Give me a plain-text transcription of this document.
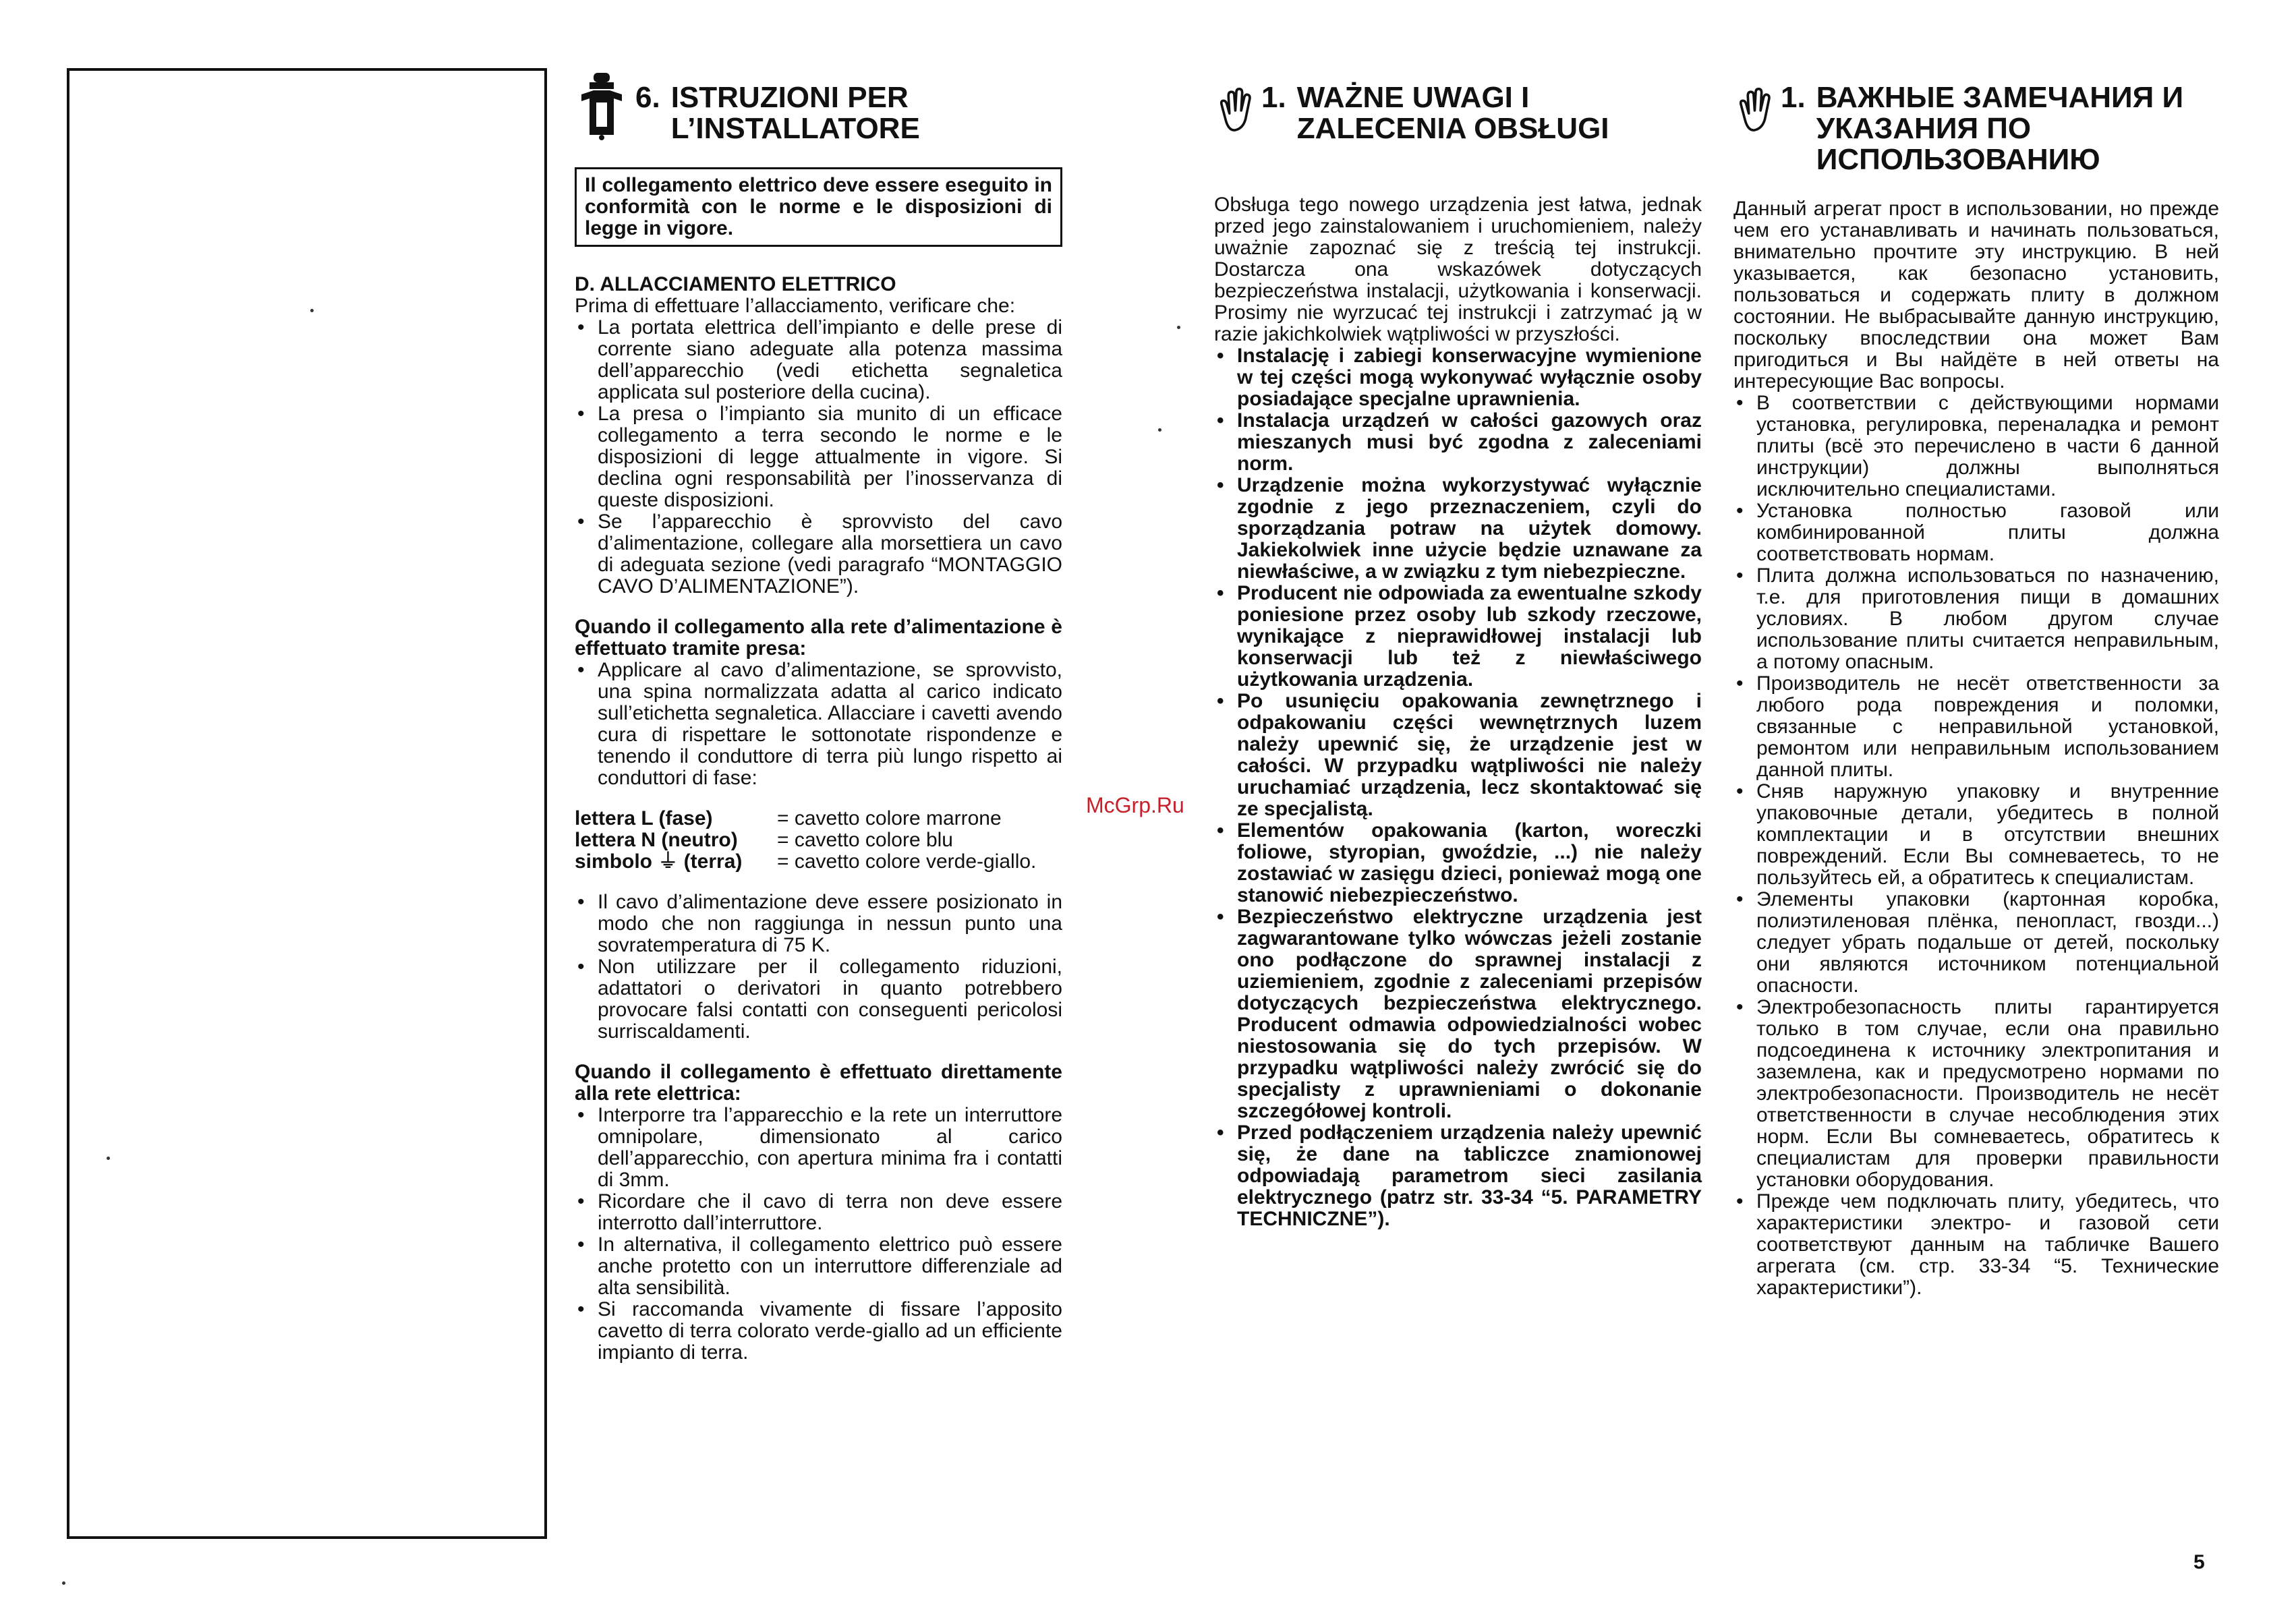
6. ISTRUZIONI PER
L’INSTALLATORE
Il collegamento elettrico deve essere eseguito in conformità con le norme e le disposizioni di legge in vigore.
D. ALLACCIAMENTO ELETTRICO

Prima di effettuare l’allacciamento, verificare che:

• La portata elettrica dell’impianto e delle prese di corrente siano adeguate alla potenza massima dell’apparecchio (vedi etichetta segnaletica applicata sul posteriore della cucina).
• La presa o l’impianto sia munito di un efficace collegamento a terra secondo le norme e le disposizioni di legge attualmente in vigore. Si declina ogni responsabilità per l’inosservanza di queste disposizioni.
• Se l’apparecchio è sprovvisto del cavo d’alimentazione, collegare alla morsettiera un cavo di adeguata sezione (vedi paragrafo “MONTAGGIO CAVO D’ALIMENTAZIONE”).

Quando il collegamento alla rete d’alimentazione è effettuato tramite presa:

• Applicare al cavo d’alimentazione, se sprovvisto, una spina normalizzata adatta al carico indicato sull’etichetta segnaletica. Allacciare i cavetti avendo cura di rispettare le sottonotate rispondenze e tenendo il conduttore di terra più lungo rispetto ai conduttori di fase:
lettera L (fase)	= cavetto colore marrone
lettera N (neutro)	= cavetto colore blu
simbolo ⏚ (terra)	= cavetto colore verde-giallo.
• Il cavo d’alimentazione deve essere posizionato in modo che non raggiunga in nessun punto una sovratemperatura di 75 K.
• Non utilizzare per il collegamento riduzioni, adattatori o derivatori in quanto potrebbero provocare falsi contatti con conseguenti pericolosi surriscaldamenti.

Quando il collegamento è effettuato direttamente alla rete elettrica:

• Interporre tra l’apparecchio e la rete un interruttore omnipolare, dimensionato al carico dell’apparecchio, con apertura minima fra i contatti di 3mm.
• Ricordare che il cavo di terra non deve essere interrotto dall’interruttore.
• In alternativa, il collegamento elettrico può essere anche protetto con un interruttore differenziale ad alta sensibilità.
• Si raccomanda vivamente di fissare l’apposito cavetto di terra colorato verde-giallo ad un efficiente impianto di terra.
1. WAŻNE UWAGI I
ZALECENIA OBSŁUGI

Obsługa tego nowego urządzenia jest łatwa, jednak przed jego zainstalowaniem i uruchomieniem, należy uważnie zapoznać się z treścią tej instrukcji. Dostarcza ona wskazówek dotyczących bezpieczeństwa instalacji, użytkowania i konserwacji. Prosimy nie wyrzucać tej instrukcji i zatrzymać ją w razie jakichkolwiek wątpliwości w przyszłości.

• Instalację i zabiegi konserwacyjne wymienione w tej części mogą wykonywać wyłącznie osoby posiadające specjalne uprawnienia.
• Instalacja urządzeń w całości gazowych oraz mieszanych musi być zgodna z zaleceniami norm.
• Urządzenie można wykorzystywać wyłącznie zgodnie z jego przeznaczeniem, czyli do sporządzania potraw na użytek domowy. Jakiekolwiek inne użycie będzie uznawane za niewłaściwe, a w związku z tym niebezpieczne.
• Producent nie odpowiada za ewentualne szkody poniesione przez osoby lub szkody rzeczowe, wynikające z nieprawidłowej instalacji lub konserwacji lub też z niewłaściwego użytkowania urządzenia.
• Po usunięciu opakowania zewnętrznego i odpakowaniu części wewnętrznych luzem należy upewnić się, że urządzenie jest w całości. W przypadku wątpliwości nie należy uruchamiać urządzenia, lecz skontaktować się ze specjalistą.
• Elementów opakowania (karton, woreczki foliowe, styropian, gwoździe, ...) nie należy zostawiać w zasięgu dzieci, ponieważ mogą one stanowić niebezpieczeństwo.
• Bezpieczeństwo elektryczne urządzenia jest zagwarantowane tylko wówczas jeżeli zostanie ono podłączone do sprawnej instalacji z uziemieniem, zgodnie z zaleceniami przepisów dotyczących bezpieczeństwa elektrycznego. Producent odmawia odpowiedzialności wobec niestosowania się do tych przepisów. W przypadku wątpliwości należy zwrócić się do specjalisty z uprawnieniami o dokonanie szczegółowej kontroli.
• Przed podłączeniem urządzenia należy upewnić się, że dane na tabliczce znamionowej odpowiadają parametrom sieci zasilania elektrycznego (patrz str. 33-34 “5. PARAMETRY TECHNICZNE”).
1. ВАЖНЫЕ ЗАМЕЧАНИЯ И
УКАЗАНИЯ ПО
ИСПОЛЬЗОВАНИЮ

Данный агрегат прост в использовании, но прежде чем его устанавливать и начинать пользоваться, внимательно прочтите эту инструкцию. В ней указывается, как безопасно установить, пользоваться и содержать плиту в должном состоянии. Не выбрасывайте данную инструкцию, поскольку впоследствии она может Вам пригодиться и Вы найдёте в ней ответы на интересующие Вас вопросы.

• В соответствии с действующими нормами установка, регулировка, переналадка и ремонт плиты (всё это перечислено в части 6 данной инструкции) должны выполняться исключительно специалистами.
• Установка полностью газовой или комбинированной плиты должна соответствовать нормам.
• Плита должна использоваться по назначению, т.е. для приготовления пищи в домашних условиях. В любом другом случае использование плиты считается неправильным, а потому опасным.
• Производитель не несёт ответственности за любого рода повреждения и поломки, связанные с неправильной установкой, ремонтом или неправильным использованием данной плиты.
• Сняв наружную упаковку и внутренние упаковочные детали, убедитесь в полной комплектации и в отсутствии внешних повреждений. Если Вы сомневаетесь, то не пользуйтесь ей, а обратитесь к специалистам.
• Элементы упаковки (картонная коробка, полиэтиленовая плёнка, пенопласт, гвозди...) следует убрать подальше от детей, поскольку они являются источником потенциальной опасности.
• Электробезопасность плиты гарантируется только в том случае, если она правильно подсоединена к источнику электропитания и заземлена, как и предусмотрено нормами по электробезопасности. Производитель не несёт ответственности в случае несоблюдения этих норм. Если Вы сомневаетесь, обратитесь к специалистам для проверки правильности установки оборудования.
• Прежде чем подключать плиту, убедитесь, что характеристики электро- и газовой сети соответствуют данным на табличке Вашего агрегата (см. стр. 33-34 “5. Технические характеристики”).
McGrp.Ru
5
